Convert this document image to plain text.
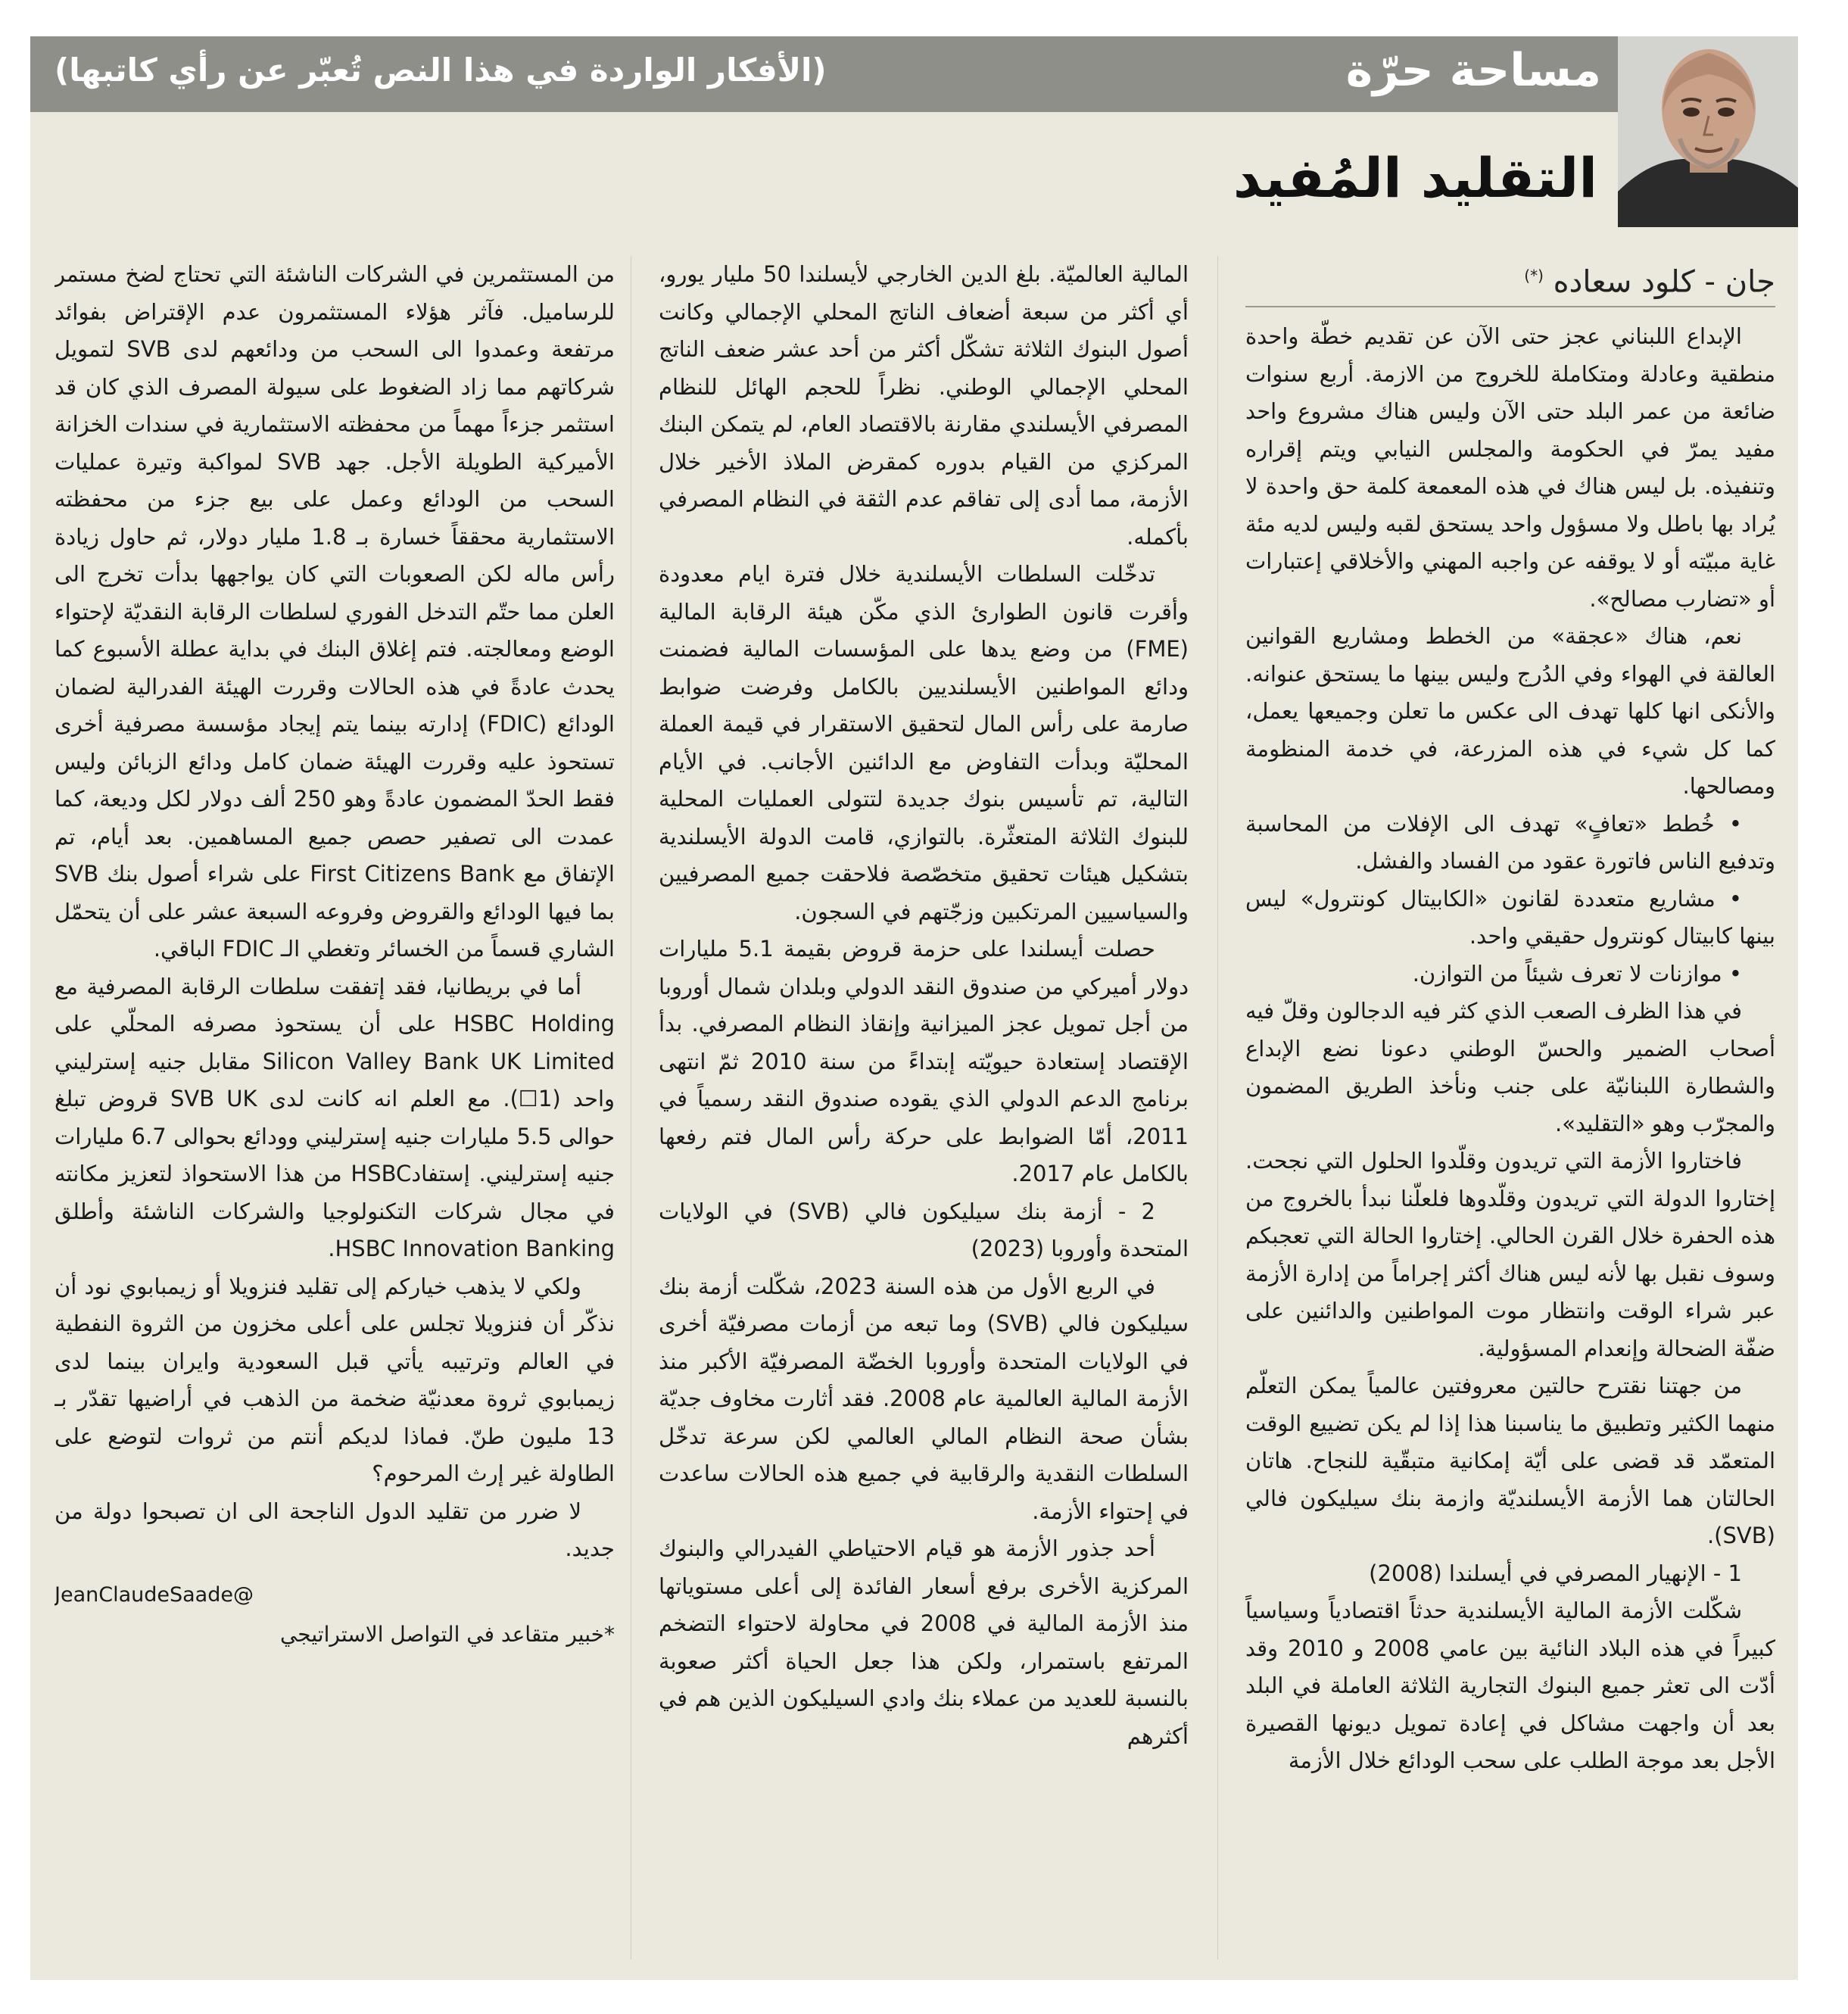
مساحة حرّة
(الأفكار الواردة في هذا النص تُعبّر عن رأي كاتبها)
التقليد المُفيد
جان - كلود سعاده (*)

الإبداع اللبناني عجز حتى الآن عن تقديم خطّة واحدة منطقية وعادلة ومتكاملة للخروج من الازمة. أربع سنوات ضائعة من عمر البلد حتى الآن وليس هناك مشروع واحد مفيد يمرّ في الحكومة والمجلس النيابي ويتم إقراره وتنفيذه. بل ليس هناك في هذه المعمعة كلمة حق واحدة لا يُراد بها باطل ولا مسؤول واحد يستحق لقبه وليس لديه مئة غاية مبيّته أو لا يوقفه عن واجبه المهني والأخلاقي إعتبارات أو «تضارب مصالح».

نعم، هناك «عجقة» من الخطط ومشاريع القوانين العالقة في الهواء وفي الدُرج وليس بينها ما يستحق عنوانه. والأنكى انها كلها تهدف الى عكس ما تعلن وجميعها يعمل، كما كل شيء في هذه المزرعة، في خدمة المنظومة ومصالحها.

• خُطط «تعافٍ» تهدف الى الإفلات من المحاسبة وتدفيع الناس فاتورة عقود من الفساد والفشل.

• مشاريع متعددة لقانون «الكابيتال كونترول» ليس بينها كابيتال كونترول حقيقي واحد.

• موازنات لا تعرف شيئاً من التوازن.

في هذا الظرف الصعب الذي كثر فيه الدجالون وقلّ فيه أصحاب الضمير والحسّ الوطني دعونا نضع الإبداع والشطارة اللبنانيّة على جنب ونأخذ الطريق المضمون والمجرّب وهو «التقليد».

فاختاروا الأزمة التي تريدون وقلّدوا الحلول التي نجحت. إختاروا الدولة التي تريدون وقلّدوها فلعلّنا نبدأ بالخروج من هذه الحفرة خلال القرن الحالي. إختاروا الحالة التي تعجبكم وسوف نقبل بها لأنه ليس هناك أكثر إجراماً من إدارة الأزمة عبر شراء الوقت وانتظار موت المواطنين والدائنين على ضفّة الضحالة وإنعدام المسؤولية.

من جهتنا نقترح حالتين معروفتين عالمياً يمكن التعلّم منهما الكثير وتطبيق ما يناسبنا هذا إذا لم يكن تضييع الوقت المتعمّد قد قضى على أيّة إمكانية متبقّية للنجاح. هاتان الحالتان هما الأزمة الأيسلنديّة وازمة بنك سيليكون فالي (SVB).

1 - الإنهيار المصرفي في أيسلندا (2008)

شكّلت الأزمة المالية الأيسلندية حدثاً اقتصادياً وسياسياً كبيراً في هذه البلاد النائية بين عامي 2008 و 2010 وقد أدّت الى تعثر جميع البنوك التجارية الثلاثة العاملة في البلد بعد أن واجهت مشاكل في إعادة تمويل ديونها القصيرة الأجل بعد موجة الطلب على سحب الودائع خلال الأزمة

المالية العالميّة. بلغ الدين الخارجي لأيسلندا 50 مليار يورو، أي أكثر من سبعة أضعاف الناتج المحلي الإجمالي وكانت أصول البنوك الثلاثة تشكّل أكثر من أحد عشر ضعف الناتج المحلي الإجمالي الوطني. نظراً للحجم الهائل للنظام المصرفي الأيسلندي مقارنة بالاقتصاد العام، لم يتمكن البنك المركزي من القيام بدوره كمقرض الملاذ الأخير خلال الأزمة، مما أدى إلى تفاقم عدم الثقة في النظام المصرفي بأكمله.

تدخّلت السلطات الأيسلندية خلال فترة ايام معدودة وأقرت قانون الطوارئ الذي مكّن هيئة الرقابة المالية (FME) من وضع يدها على المؤسسات المالية فضمنت ودائع المواطنين الأيسلنديين بالكامل وفرضت ضوابط صارمة على رأس المال لتحقيق الاستقرار في قيمة العملة المحليّة وبدأت التفاوض مع الدائنين الأجانب. في الأيام التالية، تم تأسيس بنوك جديدة لتتولى العمليات المحلية للبنوك الثلاثة المتعثّرة. بالتوازي، قامت الدولة الأيسلندية بتشكيل هيئات تحقيق متخصّصة فلاحقت جميع المصرفيين والسياسيين المرتكبين وزجّتهم في السجون.

حصلت أيسلندا على حزمة قروض بقيمة 5.1 مليارات دولار أميركي من صندوق النقد الدولي وبلدان شمال أوروبا من أجل تمويل عجز الميزانية وإنقاذ النظام المصرفي. بدأ الإقتصاد إستعادة حيويّته إبتداءً من سنة 2010 ثمّ انتهى برنامج الدعم الدولي الذي يقوده صندوق النقد رسمياً في 2011، أمّا الضوابط على حركة رأس المال فتم رفعها بالكامل عام 2017.

2 - أزمة بنك سيليكون فالي (SVB) في الولايات المتحدة وأوروبا (2023)

في الربع الأول من هذه السنة 2023، شكّلت أزمة بنك سيليكون فالي (SVB) وما تبعه من أزمات مصرفيّة أخرى في الولايات المتحدة وأوروبا الخضّة المصرفيّة الأكبر منذ الأزمة المالية العالمية عام 2008. فقد أثارت مخاوف جديّة بشأن صحة النظام المالي العالمي لكن سرعة تدخّل السلطات النقدية والرقابية في جميع هذه الحالات ساعدت في إحتواء الأزمة.

أحد جذور الأزمة هو قيام الاحتياطي الفيدرالي والبنوك المركزية الأخرى برفع أسعار الفائدة إلى أعلى مستوياتها منذ الأزمة المالية في 2008 في محاولة لاحتواء التضخم المرتفع باستمرار، ولكن هذا جعل الحياة أكثر صعوبة بالنسبة للعديد من عملاء بنك وادي السيليكون الذين هم في أكثرهم

من المستثمرين في الشركات الناشئة التي تحتاج لضخ مستمر للرساميل. فآثر هؤلاء المستثمرون عدم الإقتراض بفوائد مرتفعة وعمدوا الى السحب من ودائعهم لدى SVB لتمويل شركاتهم مما زاد الضغوط على سيولة المصرف الذي كان قد استثمر جزءاً مهماً من محفظته الاستثمارية في سندات الخزانة الأميركية الطويلة الأجل. جهد SVB لمواكبة وتيرة عمليات السحب من الودائع وعمل على بيع جزء من محفظته الاستثمارية محققاً خسارة بـ 1.8 مليار دولار، ثم حاول زيادة رأس ماله لكن الصعوبات التي كان يواجهها بدأت تخرج الى العلن مما حتّم التدخل الفوري لسلطات الرقابة النقديّة لإحتواء الوضع ومعالجته. فتم إغلاق البنك في بداية عطلة الأسبوع كما يحدث عادةً في هذه الحالات وقررت الهيئة الفدرالية لضمان الودائع (FDIC) إدارته بينما يتم إيجاد مؤسسة مصرفية أخرى تستحوذ عليه وقررت الهيئة ضمان كامل ودائع الزبائن وليس فقط الحدّ المضمون عادةً وهو 250 ألف دولار لكل وديعة، كما عمدت الى تصفير حصص جميع المساهمين. بعد أيام، تم الإتفاق مع First Citizens Bank على شراء أصول بنك SVB بما فيها الودائع والقروض وفروعه السبعة عشر على أن يتحمّل الشاري قسماً من الخسائر وتغطي الـ FDIC الباقي.

أما في بريطانيا، فقد إتفقت سلطات الرقابة المصرفية مع HSBC Holding على أن يستحوذ مصرفه المحلّي على Silicon Valley Bank UK Limited مقابل جنيه إسترليني واحد (1☐). مع العلم انه كانت لدى SVB UK قروض تبلغ حوالى 5.5 مليارات جنيه إسترليني وودائع بحوالى 6.7 مليارات جنيه إسترليني. إستفادHSBC من هذا الاستحواذ لتعزيز مكانته في مجال شركات التكنولوجيا والشركات الناشئة وأطلق HSBC Innovation Banking.

ولكي لا يذهب خياركم إلى تقليد فنزويلا أو زيمبابوي نود أن نذكّر أن فنزويلا تجلس على أعلى مخزون من الثروة النفطية في العالم وترتيبه يأتي قبل السعودية وايران بينما لدى زيمبابوي ثروة معدنيّة ضخمة من الذهب في أراضيها تقدّر بـ 13 مليون طنّ. فماذا لديكم أنتم من ثروات لتوضع على الطاولة غير إرث المرحوم؟

لا ضرر من تقليد الدول الناجحة الى ان تصبحوا دولة من جديد.

JeanClaudeSaade@
*خبير متقاعد في التواصل الاستراتيجي
